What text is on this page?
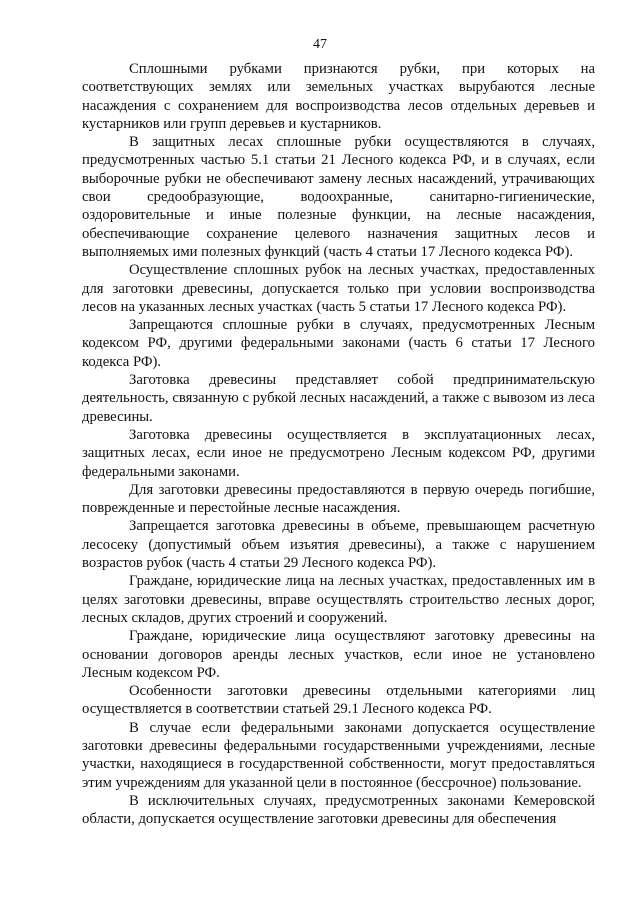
47

Сплошными рубками признаются рубки, при которых на соответствующих землях или земельных участках вырубаются лесные насаждения с сохранением для воспроизводства лесов отдельных деревьев и кустарников или групп деревьев и кустарников.

В защитных лесах сплошные рубки осуществляются в случаях, предусмотренных частью 5.1 статьи 21 Лесного кодекса РФ, и в случаях, если выборочные рубки не обеспечивают замену лесных насаждений, утрачивающих свои средообразующие, водоохранные, санитарно-гигиенические, оздоровительные и иные полезные функции, на лесные насаждения, обеспечивающие сохранение целевого назначения защитных лесов и выполняемых ими полезных функций (часть 4 статьи 17 Лесного кодекса РФ).

Осуществление сплошных рубок на лесных участках, предоставленных для заготовки древесины, допускается только при условии воспроизводства лесов на указанных лесных участках (часть 5 статьи 17 Лесного кодекса РФ).

Запрещаются сплошные рубки в случаях, предусмотренных Лесным кодексом РФ, другими федеральными законами (часть 6 статьи 17 Лесного кодекса РФ).

Заготовка древесины представляет собой предпринимательскую деятельность, связанную с рубкой лесных насаждений, а также с вывозом из леса древесины.

Заготовка древесины осуществляется в эксплуатационных лесах, защитных лесах, если иное не предусмотрено Лесным кодексом РФ, другими федеральными законами.

Для заготовки древесины предоставляются в первую очередь погибшие, поврежденные и перестойные лесные насаждения.

Запрещается заготовка древесины в объеме, превышающем расчетную лесосеку (допустимый объем изъятия древесины), а также с нарушением возрастов рубок (часть 4 статьи 29 Лесного кодекса РФ).

Граждане, юридические лица на лесных участках, предоставленных им в целях заготовки древесины, вправе осуществлять строительство лесных дорог, лесных складов, других строений и сооружений.

Граждане, юридические лица осуществляют заготовку древесины на основании договоров аренды лесных участков, если иное не установлено Лесным кодексом РФ.

Особенности заготовки древесины отдельными категориями лиц осуществляется в соответствии статьей 29.1 Лесного кодекса РФ.

В случае если федеральными законами допускается осуществление заготовки древесины федеральными государственными учреждениями, лесные участки, находящиеся в государственной собственности, могут предоставляться этим учреждениям для указанной цели в постоянное (бессрочное) пользование.

В исключительных случаях, предусмотренных законами Кемеровской области, допускается осуществление заготовки древесины для обеспечения
